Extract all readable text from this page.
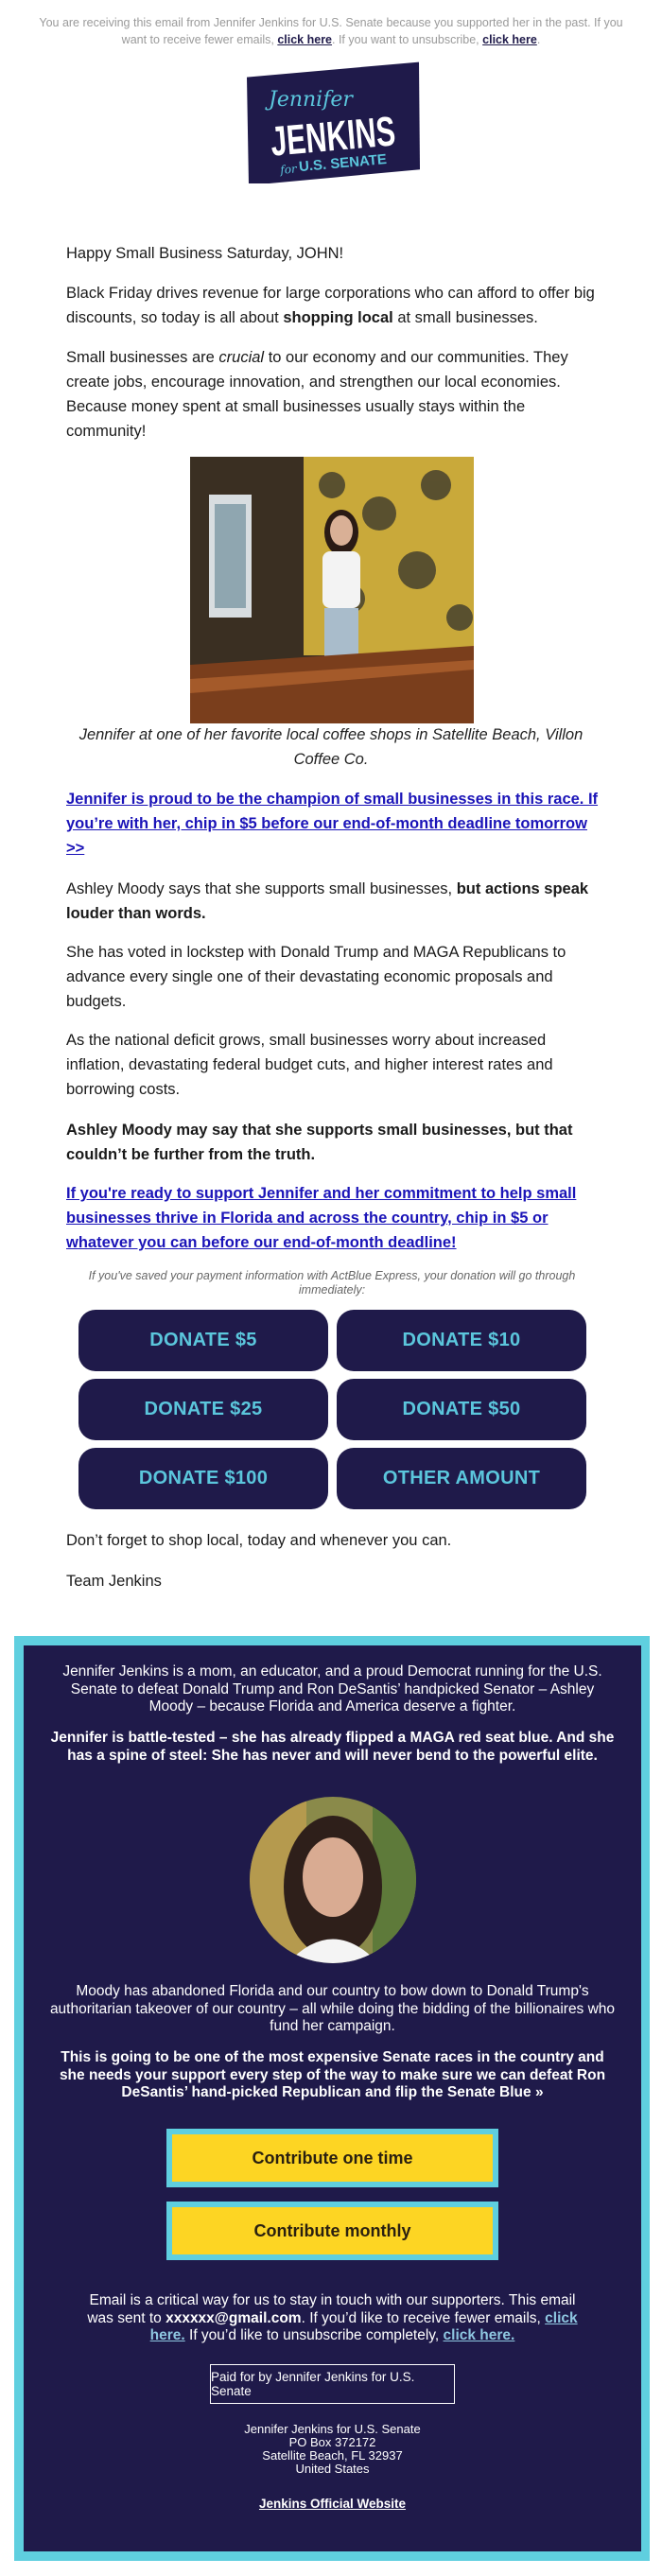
You are receiving this email from Jennifer Jenkins for U.S. Senate because you supported her in the past. If you want to receive fewer emails, click here. If you want to unsubscribe, click here.
Jennifer
JENKINS
for U.S. SENATE

Happy Small Business Saturday, JOHN!

Black Friday drives revenue for large corporations who can afford to offer big discounts, so today is all about shopping local at small businesses.

Small businesses are crucial to our economy and our communities. They create jobs, encourage innovation, and strengthen our local economies. Because money spent at small businesses usually stays within the community!

Jennifer at one of her favorite local coffee shops in Satellite Beach, Villon Coffee Co.

Jennifer is proud to be the champion of small businesses in this race. If you’re with her, chip in $5 before our end-of-month deadline tomorrow >>

Ashley Moody says that she supports small businesses, but actions speak louder than words.

She has voted in lockstep with Donald Trump and MAGA Republicans to advance every single one of their devastating economic proposals and budgets.

As the national deficit grows, small businesses worry about increased inflation, devastating federal budget cuts, and higher interest rates and borrowing costs.

Ashley Moody may say that she supports small businesses, but that couldn’t be further from the truth.

If you're ready to support Jennifer and her commitment to help small businesses thrive in Florida and across the country, chip in $5 or whatever you can before our end-of-month deadline!

If you've saved your payment information with ActBlue Express, your donation will go through immediately:
DONATE $5	DONATE $10
DONATE $25	DONATE $50
DONATE $100	OTHER AMOUNT

Don’t forget to shop local, today and whenever you can.

Team Jenkins

Jennifer Jenkins is a mom, an educator, and a proud Democrat running for the U.S. Senate to defeat Donald Trump and Ron DeSantis’ handpicked Senator – Ashley Moody – because Florida and America deserve a fighter.

Jennifer is battle-tested – she has already flipped a MAGA red seat blue. And she has a spine of steel: She has never and will never bend to the powerful elite.

Moody has abandoned Florida and our country to bow down to Donald Trump's authoritarian takeover of our country – all while doing the bidding of the billionaires who fund her campaign.

This is going to be one of the most expensive Senate races in the country and she needs your support every step of the way to make sure we can defeat Ron DeSantis’ hand-picked Republican and flip the Senate Blue »

Contribute one time
Contribute monthly

Email is a critical way for us to stay in touch with our supporters. This email was sent to xxxxxx@gmail.com. If you’d like to receive fewer emails, click here. If you’d like to unsubscribe completely, click here.

Paid for by Jennifer Jenkins for U.S. Senate
Jennifer Jenkins for U.S. Senate
PO Box 372172
Satellite Beach, FL 32937
United States
Jenkins Official Website
